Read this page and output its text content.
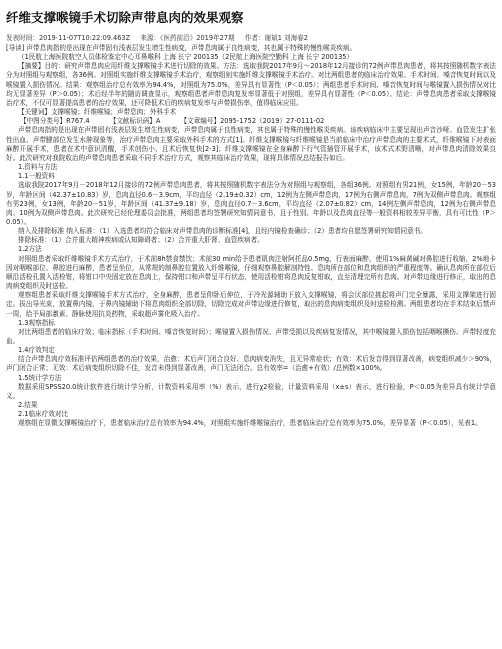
纤维支撑喉镜手术切除声带息肉的效果观察
发表时间：2019-11-07T10:22:09.463Z 来源：《医药前沿》2019年27期 作者：谢斌1 刘海春2

[导读] 声带息肉指的是出现在声带固有浅表层发生增生性病变，声带息肉属于良性病变，其也属于特殊的慢性喉炎疾病。

（1民航上海医院航空人员体检鉴定中心耳鼻喉科 上海 长宁 200135（2民航上海医院空勤科 上海 长宁 200135）

【摘要】目的：研究声带息肉应用纤维支撑喉镜手术进行切除的效果。方法：选取我院2017年9月～2018年12月接诊的72例声带息肉患者，将其按照随机数字表法分为对照组与观察组，各36例。对照组实施纤维支撑喉镜手术治疗，观察组则实施纤维支撑喉镜手术治疗。对比两组患者的临床治疗效果、手术时间、嗓音恢复时间以及喉镜置入损伤情况。结果：观察组治疗总有效率为94.4%，对照组为75.0%，差异具有显著性（P＜0.05）；两组患者手术时间、嗓音恢复时间与喉镜置入损伤情况对比均无显著差异（P＞0.05）；术后经半年的随访调查显示，观察组患者声带息肉复发率显著低于对照组，差异具有显著性（P＜0.05）。结论：声带息肉患者采取支撑喉镜治疗术，不仅可显著提高患者的治疗效果，还可降低术后的疾病复发率与声带损伤率，值得临床应用。

【关键词】支撑喉镜；纤维喉镜；声带息肉；外科手术

【中图分类号】R767.4	【文献标识码】A	【文章编号】2095-1752（2019）27-0111-02

声带息肉指的是出现在声带固有浅表层发生增生性病变，声带息肉属于良性病变，其也属于特殊的慢性喉炎疾病。该疾病临床中主要呈现出声音沙哑、血管发生扩张性出血、声带腱部位发生水肿现象等，治疗声带息肉主要采取外科手术的方式[1]。纤维支撑喉镜与纤维喉镜是当前临床中治疗声带息肉的主要术式，纤维喉镜下对表面麻醉开展手术，患者在术中意识清醒，手术创伤小、且术后恢复快[2-3]；纤维支撑喉镜在全身麻醉下行气管插管开展手术，该术式术野清晰，对声带息肉清除效果良好。此次研究对我院收治的声带息肉患者采取不同手术治疗方式，观察其临床治疗效果，现将具体情况总结报告如后。

1.资料与方法

1.1一般资料

选取我院2017年9月－2018年12月接诊的72例声带息肉患者，将其按照随机数字表法分为对照组与观察组，各组36例。对照组有男21例，女15例，年龄20－53岁，年龄区间（42.37±10.83）岁，息肉直径0.6－3.9cm，平均直径（2.19±0.32）cm，12例为左侧声带息肉，17例为右侧声带息肉，7例为双侧声带息肉。观察组有男23例，女13例，年龄20－51岁，年龄区间（41.37±9.18）岁，息肉直径0.7－3.6cm，平均直径（2.07±0.82）cm，14例左侧声带息肉，12例为右侧声带息肉、10例为双侧声带息肉。此次研究已经伦理委员会批准，两组患者均签署研究知情同意书，且于性别、年龄以及息肉直径等一般资料相较差异平衡，具有可比性（P＞0.05）。

纳入及排除标准 纳入标准：（1）入选患者均符合临床对声带息肉的诊断标准[4]，且经内镜检查确诊；（2）患者均自愿签署研究知情同意书。

排除标准：（1）合并重大精神疾病或认知障碍者；（2）合并重大肝肾、血管疾病者。

1.2方法

对照组患者采取纤维喉镜手术方式治疗，于术前8h禁食禁饮；术前30 min给予患者肌肉注射阿托品0.5mg，行表面麻醉，使用1%麻黄碱对鼻腔进行收缩，2%地卡因对咽喉部位、鼻腔进行麻醉，患者呈坐位，从常规的制鼻腔位置放入纤维喉镜，仔细观察鼻腔解剖特性、息肉所在部位和息肉组织的严重程度等。确认息肉所在部位后顺沿活检孔置入活检钳，将钳口中央固定放在息肉上，保持钳口和声带呈平行状态，使用活检钳将息肉反复钳取，直至清理完所有息肉。对声带边缘进行修正，取出的息肉病变组织及时送检。

观察组患者采取纤维支撑喉镜手术方式治疗，全身麻醉，患者呈仰卧后伸位，于冷光源辅助下放入支撑喉镜，将会厌部位挑起将声门完全暴露，采用支撑架进行固定。拔出导光束，放置鼻内镜，于鼻内镜辅助下将息肉组织全部切除，切除完成对声带边缘进行修复，取出的息肉病变组织及时送检检测。两组患者均在手术结束后禁声一周，给予局部激素、静脉使用抗炎药物，采取超声雾化吸入治疗。

1.3观察指标

对比两组患者的临床疗效；临床指标（手术时间、嗓音恢复时间）；喉镜置入损伤情况、声带受损以及疾病复发情况，其中喉镜置入损伤包括咽喉撕伤、声带轻度充血。

1.4疗效判定

结合声带息肉疗效标准评估两组患者的治疗效果，治愈：术后声门闭合良好、息肉病变消失，且无异常症状；有效：术后发音得到显著改善，病变组织减少＞90%，声门闭合正常；无效：术后病变组织切除不佳，发音未得到显著改善，声门无法闭合。总有效率=（治愈+有效）/总例数×100%。

1.5统计学方法

数据采用SPSS20.0统计软件进行统计学分析，计数资料采用率（%）表示，进行χ2检验，计量资料采用（x±s）表示，进行检验，P＜0.05为差异具有统计学意义。

2.结果

2.1临床疗效对比

观察组在显微支撑喉镜治疗下，患者临床治疗总有效率为94.4%，对照组实施纤维喉镜治疗，患者临床治疗总有效率为75.0%，差异显著（P＜0.05），见表1。
